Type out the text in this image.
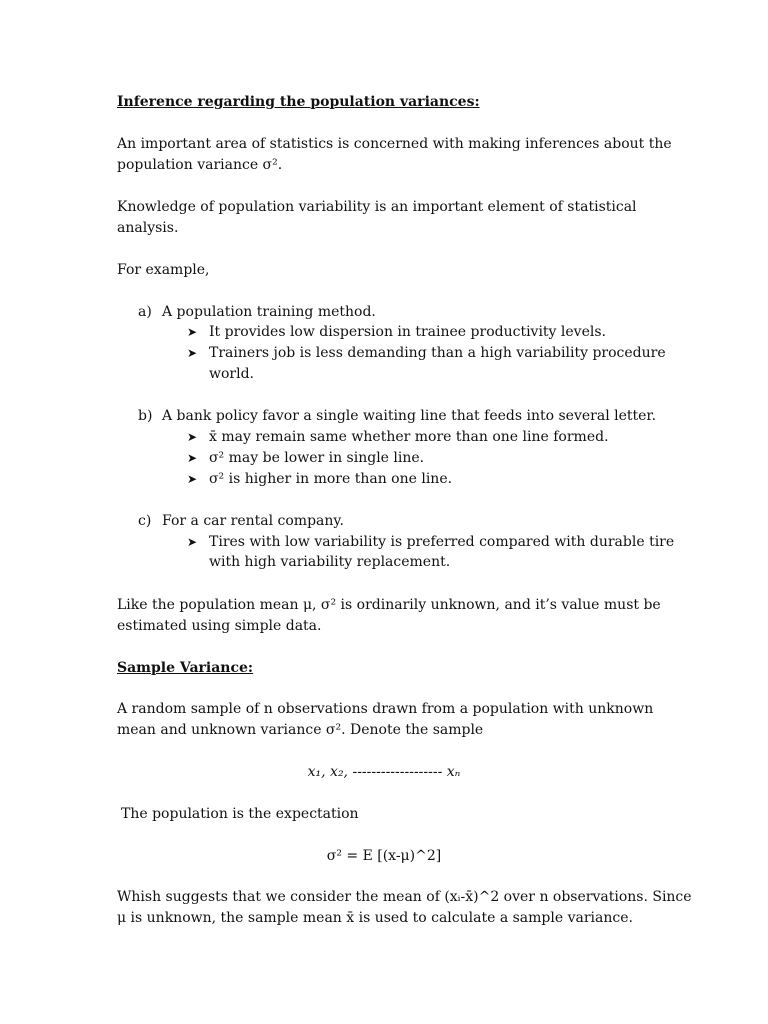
Inference regarding the population variances:
An important area of statistics is concerned with making inferences about the
population variance σ².
Knowledge of population variability is an important element of statistical
analysis.
For example,
a) A population training method.
➤ It provides low dispersion in trainee productivity levels.
➤ Trainers job is less demanding than a high variability procedure
world.
b) A bank policy favor a single waiting line that feeds into several letter.
➤ x̄ may remain same whether more than one line formed.
➤ σ² may be lower in single line.
➤ σ² is higher in more than one line.
c) For a car rental company.
➤ Tires with low variability is preferred compared with durable tire
with high variability replacement.
Like the population mean μ, σ² is ordinarily unknown, and it’s value must be
estimated using simple data.
Sample Variance:
A random sample of n observations drawn from a population with unknown
mean and unknown variance σ². Denote the sample
x₁, x₂, ------------------- xₙ
The population is the expectation
σ² = E [(x-μ)^2]
Whish suggests that we consider the mean of (xᵢ-x̄)^2 over n observations. Since
μ is unknown, the sample mean x̄ is used to calculate a sample variance.
